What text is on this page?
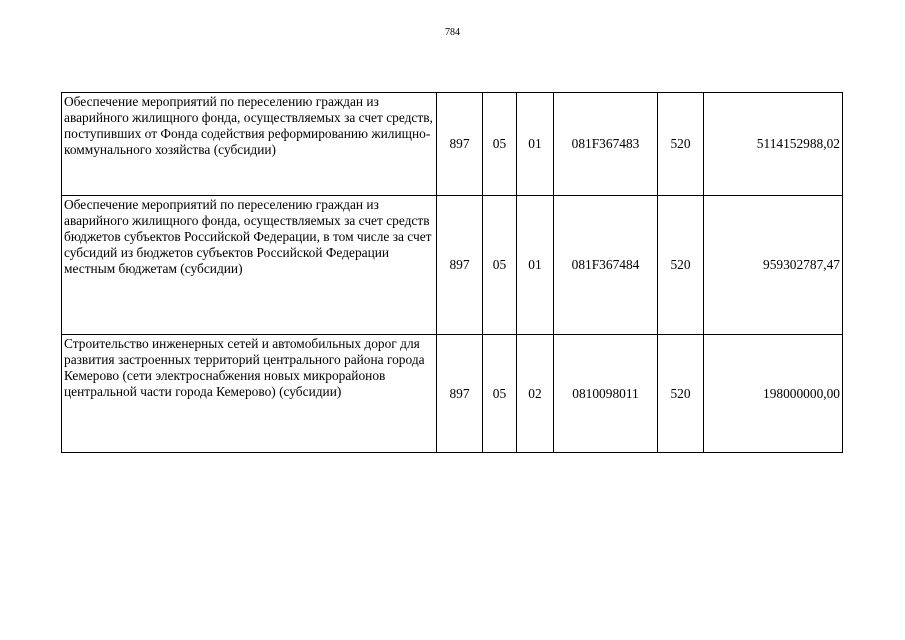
784
Обеспечение мероприятий по переселению граждан из аварийного жилищного фонда, осуществляемых за счет средств, поступивших от Фонда содействия реформированию жилищно-коммунального хозяйства (субсидии)	897	05	01	081F367483	520	5114152988,02
Обеспечение мероприятий по переселению граждан из аварийного жилищного фонда, осуществляемых за счет средств бюджетов субъектов Российской Федерации, в том числе за счет субсидий из бюджетов субъектов Российской Федерации местным бюджетам (субсидии)	897	05	01	081F367484	520	959302787,47
Строительство инженерных сетей и автомобильных дорог для развития застроенных территорий центрального района города Кемерово (сети электроснабжения новых микрорайонов центральной части города Кемерово) (субсидии)	897	05	02	0810098011	520	198000000,00
